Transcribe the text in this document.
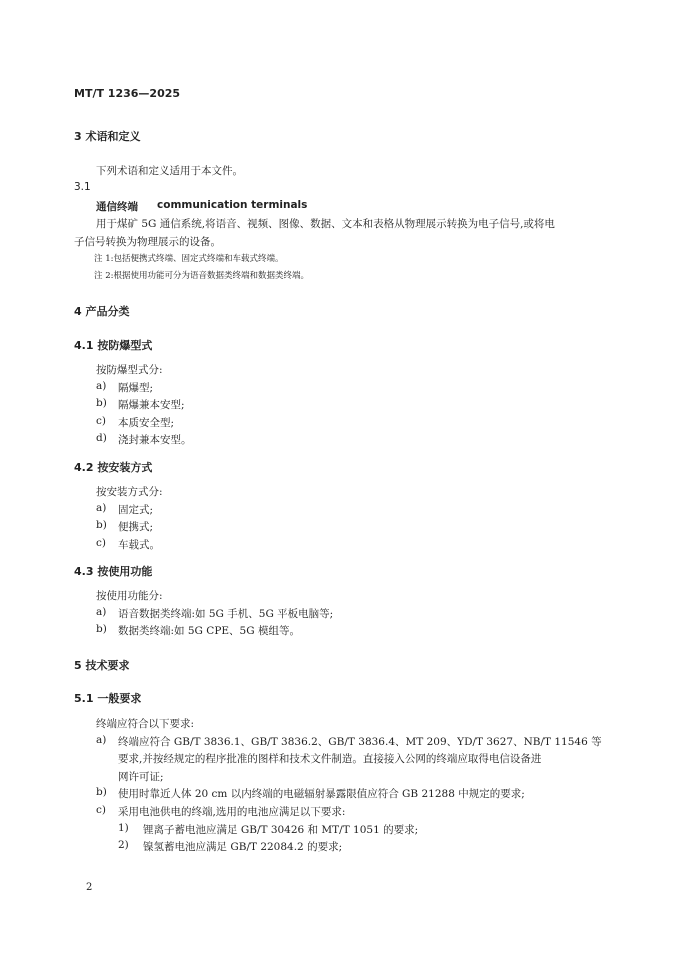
MT/T 1236—2025
3 术语和定义
下列术语和定义适用于本文件。
3.1
通信终端 communication terminals
用于煤矿 5G 通信系统,将语音、视频、图像、数据、文本和表格从物理展示转换为电子信号,或将电
子信号转换为物理展示的设备。
注 1:包括便携式终端、固定式终端和车载式终端。
注 2:根据使用功能可分为语音数据类终端和数据类终端。
4 产品分类
4.1 按防爆型式
按防爆型式分:
a) 隔爆型;
b) 隔爆兼本安型;
c) 本质安全型;
d) 浇封兼本安型。
4.2 按安装方式
按安装方式分:
a) 固定式;
b) 便携式;
c) 车载式。
4.3 按使用功能
按使用功能分:
a) 语音数据类终端:如 5G 手机、5G 平板电脑等;
b) 数据类终端:如 5G CPE、5G 模组等。
5 技术要求
5.1 一般要求
终端应符合以下要求:
a) 终端应符合 GB/T 3836.1、GB/T 3836.2、GB/T 3836.4、MT 209、YD/T 3627、NB/T 11546 等
要求,并按经规定的程序批准的图样和技术文件制造。直接接入公网的终端应取得电信设备进
网许可证;
b) 使用时靠近人体 20 cm 以内终端的电磁辐射暴露限值应符合 GB 21288 中规定的要求;
c) 采用电池供电的终端,选用的电池应满足以下要求:
1) 锂离子蓄电池应满足 GB/T 30426 和 MT/T 1051 的要求;
2) 镍氢蓄电池应满足 GB/T 22084.2 的要求;
2
